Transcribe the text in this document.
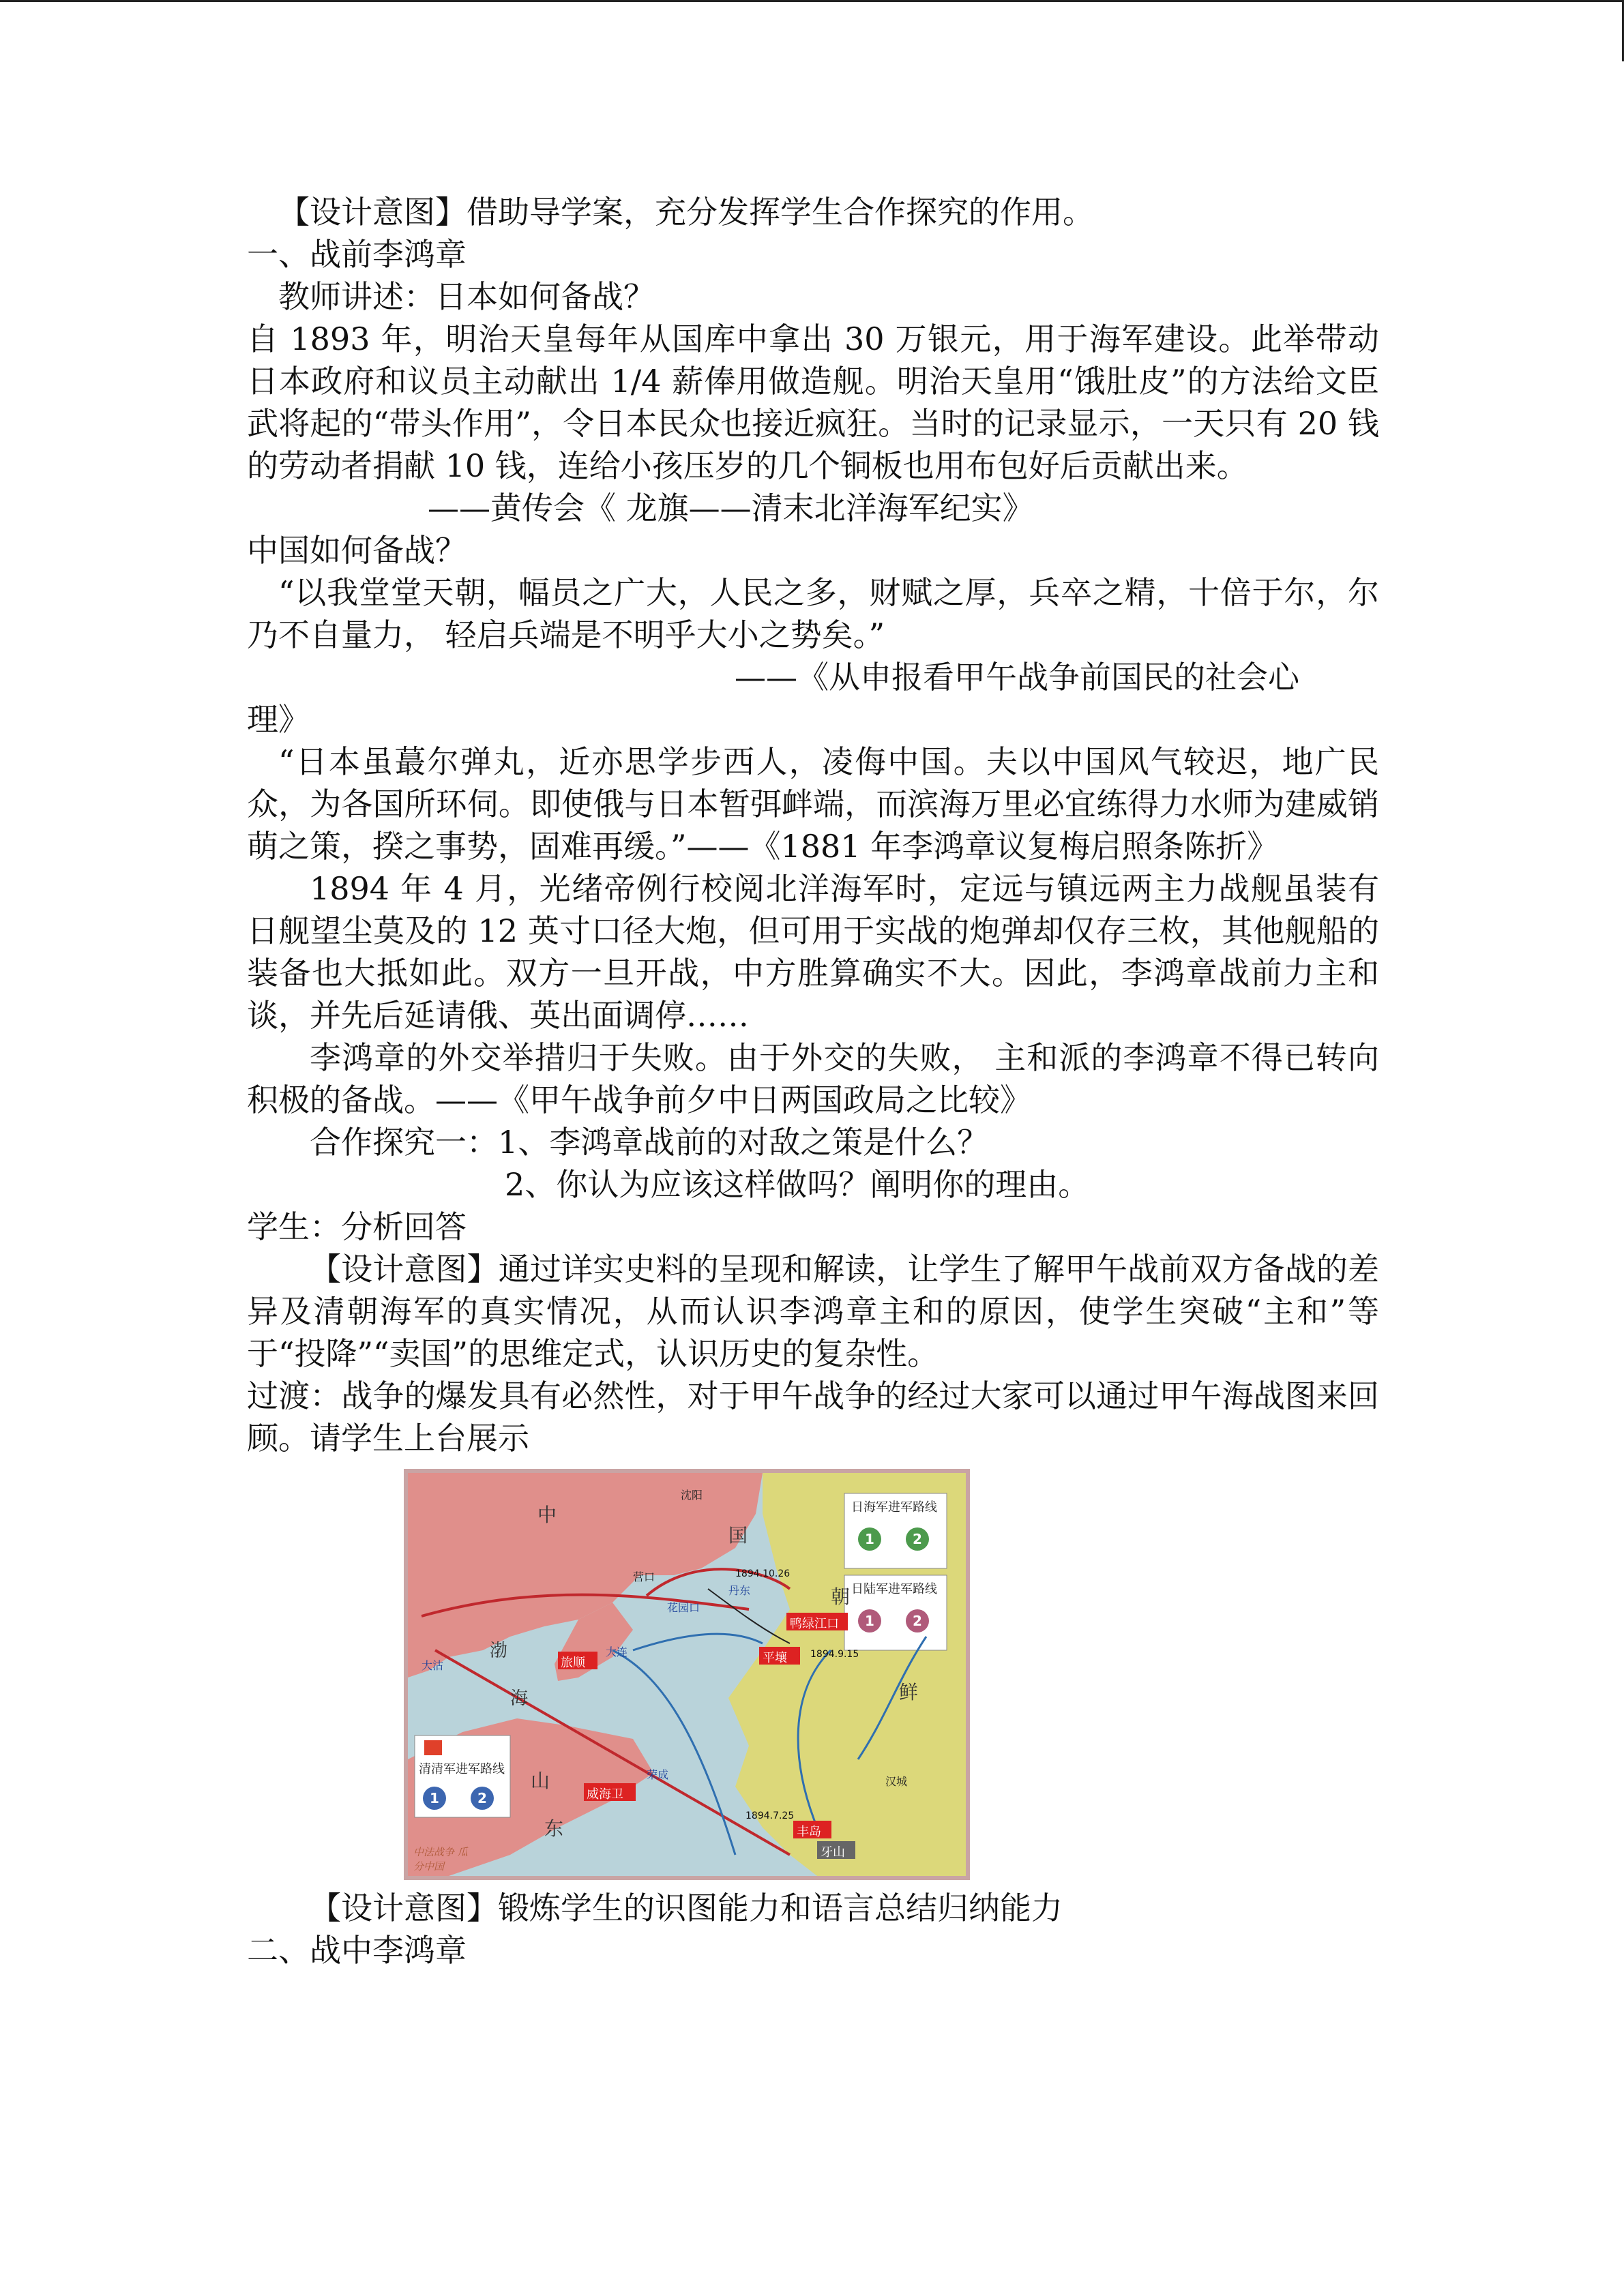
【设计意图】借助导学案，充分发挥学生合作探究的作用。

一、战前李鸿章

教师讲述：日本如何备战？

自 1893 年，明治天皇每年从国库中拿出 30 万银元，用于海军建设。此举带动日本政府和议员主动献出 1/4 薪俸用做造舰。明治天皇用“饿肚皮”的方法给文臣武将起的“带头作用”，令日本民众也接近疯狂。当时的记录显示，一天只有 20 钱的劳动者捐献 10 钱，连给小孩压岁的几个铜板也用布包好后贡献出来。

——黄传会《 龙旗——清末北洋海军纪实》

中国如何备战？

“以我堂堂天朝，幅员之广大，人民之多，财赋之厚，兵卒之精，十倍于尔，尔乃不自量力， 轻启兵端是不明乎大小之势矣。”

——《从申报看甲午战争前国民的社会心

理》

“日本虽蕞尔弹丸，近亦思学步西人，凌侮中国。夫以中国风气较迟，地广民众，为各国所环伺。即使俄与日本暂弭衅端，而滨海万里必宜练得力水师为建威销萌之策，揆之事势，固难再缓。”——《1881 年李鸿章议复梅启照条陈折》

1894 年 4 月，光绪帝例行校阅北洋海军时，定远与镇远两主力战舰虽装有日舰望尘莫及的 12 英寸口径大炮，但可用于实战的炮弹却仅存三枚，其他舰船的装备也大抵如此。双方一旦开战，中方胜算确实不大。因此，李鸿章战前力主和谈，并先后延请俄、英出面调停……

李鸿章的外交举措归于失败。由于外交的失败， 主和派的李鸿章不得已转向积极的备战。——《甲午战争前夕中日两国政局之比较》

合作探究一：1、李鸿章战前的对敌之策是什么？

2、你认为应该这样做吗？阐明你的理由。

学生：分析回答

【设计意图】通过详实史料的呈现和解读，让学生了解甲午战前双方备战的差异及清朝海军的真实情况，从而认识李鸿章主和的原因，使学生突破“主和”等于“投降”“卖国”的思维定式，认识历史的复杂性。

过渡：战争的爆发具有必然性，对于甲午战争的经过大家可以通过甲午海战图来回顾。请学生上台展示

日海军进军路线
日陆军进军路线
清清军进军路线
1	2
1	2
1	2
旅顺
威海卫
平壤
鸭绿江口
丰岛
牙山
大连
花园口
丹东
荣成
营口
沈阳
汉城
大沽
中
国
朝
鲜
山
东
渤
海
1894.9.15
1894.7.25
1894.10.26
中法战争 瓜分中国

【设计意图】锻炼学生的识图能力和语言总结归纳能力

二、战中李鸿章
